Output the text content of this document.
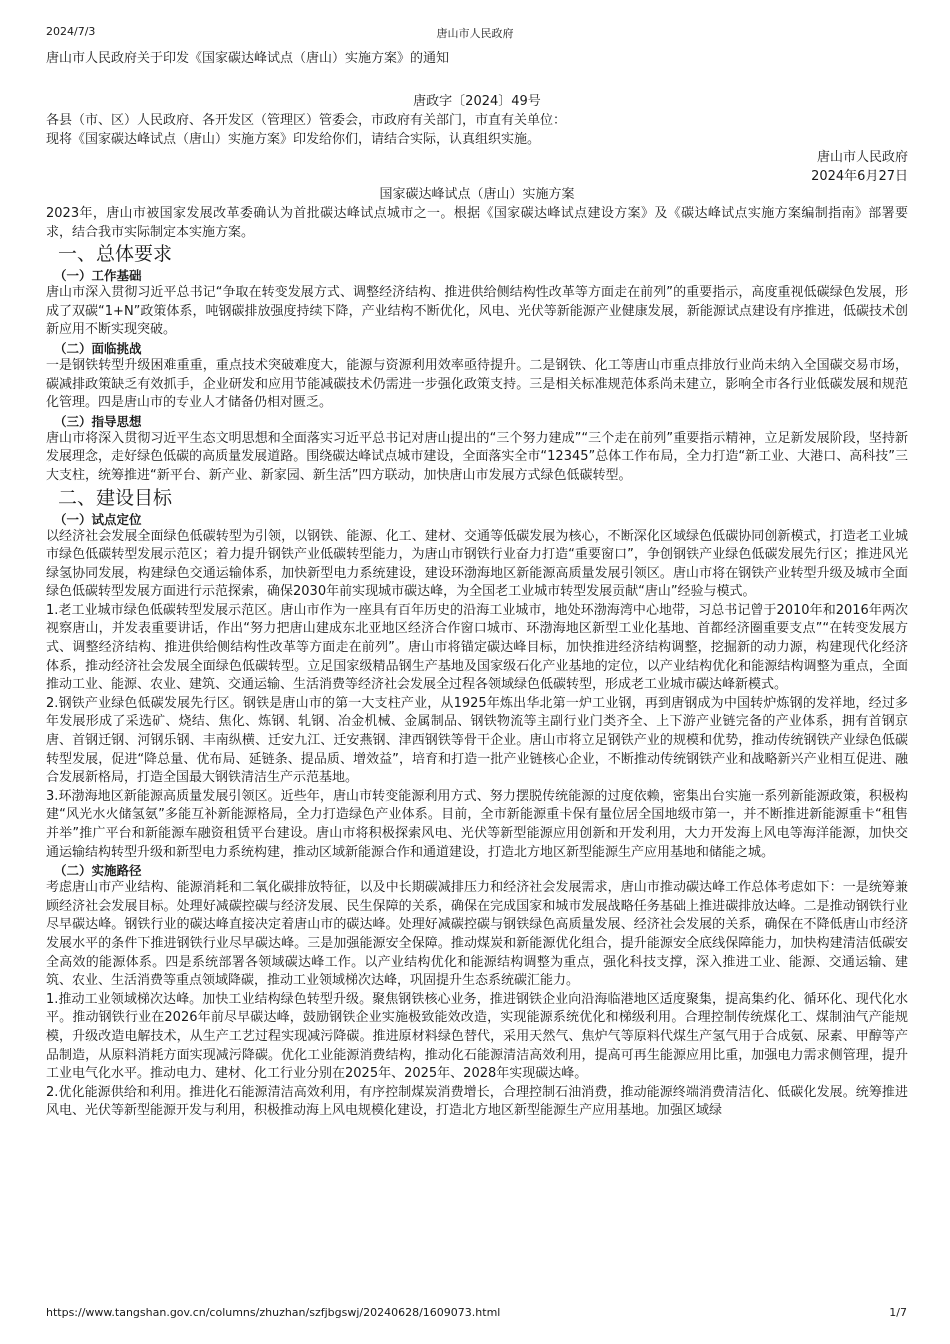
2024/7/3	唐山市人民政府
唐山市人民政府关于印发《国家碳达峰试点（唐山）实施方案》的通知
唐政字〔2024〕49号

各县（市、区）人民政府、各开发区（管理区）管委会，市政府有关部门，市直有关单位：

现将《国家碳达峰试点（唐山）实施方案》印发给你们，请结合实际，认真组织实施。

唐山市人民政府

2024年6月27日

国家碳达峰试点（唐山）实施方案

2023年，唐山市被国家发展改革委确认为首批碳达峰试点城市之一。根据《国家碳达峰试点建设方案》及《碳达峰试点实施方案编制指南》部署要求，结合我市实际制定本实施方案。

一、总体要求
（一）工作基础

唐山市深入贯彻习近平总书记“争取在转变发展方式、调整经济结构、推进供给侧结构性改革等方面走在前列”的重要指示，高度重视低碳绿色发展，形成了双碳“1+N”政策体系，吨钢碳排放强度持续下降，产业结构不断优化，风电、光伏等新能源产业健康发展，新能源试点建设有序推进，低碳技术创新应用不断实现突破。

（二）面临挑战

一是钢铁转型升级困难重重，重点技术突破难度大，能源与资源利用效率亟待提升。二是钢铁、化工等唐山市重点排放行业尚未纳入全国碳交易市场，碳减排政策缺乏有效抓手，企业研发和应用节能减碳技术仍需进一步强化政策支持。三是相关标准规范体系尚未建立，影响全市各行业低碳发展和规范化管理。四是唐山市的专业人才储备仍相对匮乏。

（三）指导思想

唐山市将深入贯彻习近平生态文明思想和全面落实习近平总书记对唐山提出的“三个努力建成”“三个走在前列”重要指示精神，立足新发展阶段，坚持新发展理念，走好绿色低碳的高质量发展道路。围绕碳达峰试点城市建设，全面落实全市“12345”总体工作布局，全力打造“新工业、大港口、高科技”三大支柱，统筹推进“新平台、新产业、新家园、新生活”四方联动，加快唐山市发展方式绿色低碳转型。

二、建设目标
（一）试点定位

以经济社会发展全面绿色低碳转型为引领，以钢铁、能源、化工、建材、交通等低碳发展为核心，不断深化区域绿色低碳协同创新模式，打造老工业城市绿色低碳转型发展示范区；着力提升钢铁产业低碳转型能力，为唐山市钢铁行业奋力打造“重要窗口”，争创钢铁产业绿色低碳发展先行区；推进风光绿氢协同发展，构建绿色交通运输体系，加快新型电力系统建设，建设环渤海地区新能源高质量发展引领区。唐山市将在钢铁产业转型升级及城市全面绿色低碳转型发展方面进行示范探索，确保2030年前实现城市碳达峰，为全国老工业城市转型发展贡献“唐山”经验与模式。

1.老工业城市绿色低碳转型发展示范区。唐山市作为一座具有百年历史的沿海工业城市，地处环渤海湾中心地带，习总书记曾于2010年和2016年两次视察唐山，并发表重要讲话，作出“努力把唐山建成东北亚地区经济合作窗口城市、环渤海地区新型工业化基地、首都经济圈重要支点”“在转变发展方式、调整经济结构、推进供给侧结构性改革等方面走在前列”。唐山市将锚定碳达峰目标，加快推进经济结构调整，挖掘新的动力源，构建现代化经济体系，推动经济社会发展全面绿色低碳转型。立足国家级精品钢生产基地及国家级石化产业基地的定位，以产业结构优化和能源结构调整为重点，全面推动工业、能源、农业、建筑、交通运输、生活消费等经济社会发展全过程各领域绿色低碳转型，形成老工业城市碳达峰新模式。

2.钢铁产业绿色低碳发展先行区。钢铁是唐山市的第一大支柱产业，从1925年炼出华北第一炉工业钢，再到唐钢成为中国转炉炼钢的发祥地，经过多年发展形成了采选矿、烧结、焦化、炼钢、轧钢、冶金机械、金属制品、钢铁物流等主副行业门类齐全、上下游产业链完备的产业体系，拥有首钢京唐、首钢迁钢、河钢乐钢、丰南纵横、迁安九江、迁安燕钢、津西钢铁等骨干企业。唐山市将立足钢铁产业的规模和优势，推动传统钢铁产业绿色低碳转型发展，促进“降总量、优布局、延链条、提品质、增效益”，培育和打造一批产业链核心企业，不断推动传统钢铁产业和战略新兴产业相互促进、融合发展新格局，打造全国最大钢铁清洁生产示范基地。

3.环渤海地区新能源高质量发展引领区。近些年，唐山市转变能源利用方式、努力摆脱传统能源的过度依赖，密集出台实施一系列新能源政策，积极构建“风光水火储氢氨”多能互补新能源格局，全力打造绿色产业体系。目前，全市新能源重卡保有量位居全国地级市第一，并不断推进新能源重卡“租售并举”推广平台和新能源车融资租赁平台建设。唐山市将积极探索风电、光伏等新型能源应用创新和开发利用，大力开发海上风电等海洋能源，加快交通运输结构转型升级和新型电力系统构建，推动区域新能源合作和通道建设，打造北方地区新型能源生产应用基地和储能之城。

（二）实施路径

考虑唐山市产业结构、能源消耗和二氧化碳排放特征，以及中长期碳减排压力和经济社会发展需求，唐山市推动碳达峰工作总体考虑如下：一是统筹兼顾经济社会发展目标。处理好减碳控碳与经济发展、民生保障的关系，确保在完成国家和城市发展战略任务基础上推进碳排放达峰。二是推动钢铁行业尽早碳达峰。钢铁行业的碳达峰直接决定着唐山市的碳达峰。处理好减碳控碳与钢铁绿色高质量发展、经济社会发展的关系，确保在不降低唐山市经济发展水平的条件下推进钢铁行业尽早碳达峰。三是加强能源安全保障。推动煤炭和新能源优化组合，提升能源安全底线保障能力，加快构建清洁低碳安全高效的能源体系。四是系统部署各领域碳达峰工作。以产业结构优化和能源结构调整为重点，强化科技支撑，深入推进工业、能源、交通运输、建筑、农业、生活消费等重点领域降碳，推动工业领域梯次达峰，巩固提升生态系统碳汇能力。

1.推动工业领域梯次达峰。加快工业结构绿色转型升级。聚焦钢铁核心业务，推进钢铁企业向沿海临港地区适度聚集，提高集约化、循环化、现代化水平。推动钢铁行业在2026年前尽早碳达峰，鼓励钢铁企业实施极致能效改造，实现能源系统优化和梯级利用。合理控制传统煤化工、煤制油气产能规模，升级改造电解技术，从生产工艺过程实现减污降碳。推进原材料绿色替代，采用天然气、焦炉气等原料代煤生产氢气用于合成氨、尿素、甲醇等产品制造，从原料消耗方面实现减污降碳。优化工业能源消费结构，推动化石能源清洁高效利用，提高可再生能源应用比重，加强电力需求侧管理，提升工业电气化水平。推动电力、建材、化工行业分别在2025年、2025年、2028年实现碳达峰。

2.优化能源供给和利用。推进化石能源清洁高效利用，有序控制煤炭消费增长，合理控制石油消费，推动能源终端消费清洁化、低碳化发展。统筹推进风电、光伏等新型能源开发与利用，积极推动海上风电规模化建设，打造北方地区新型能源生产应用基地。加强区域绿

https://www.tangshan.gov.cn/columns/zhuzhan/szfjbgswj/20240628/1609073.html	1/7
